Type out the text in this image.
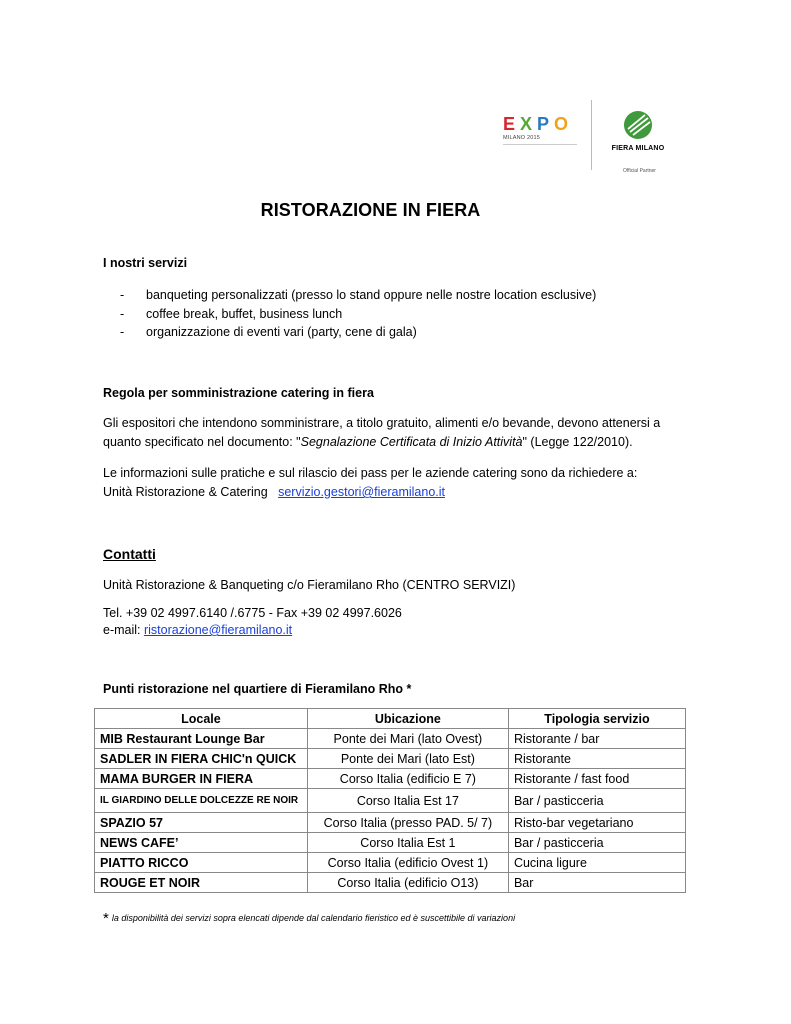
E X P O
MILANO 2015
FIERA MILANO
Official Partner
RISTORAZIONE IN FIERA
I nostri servizi
- banqueting personalizzati (presso lo stand oppure nelle nostre location esclusive)
- coffee break, buffet, business lunch
- organizzazione di eventi vari (party, cene di gala)
Regola per somministrazione catering in fiera
Gli espositori che intendono somministrare, a titolo gratuito, alimenti e/o bevande, devono attenersi a
quanto specificato nel documento: "Segnalazione Certificata di Inizio Attività" (Legge 122/2010).
Le informazioni sulle pratiche e sul rilascio dei pass per le aziende catering sono da richiedere a:
Unità Ristorazione & Catering servizio.gestori@fieramilano.it
Contatti
Unità Ristorazione & Banqueting c/o Fieramilano Rho (CENTRO SERVIZI)
Tel. +39 02 4997.6140 /.6775 - Fax +39 02 4997.6026
e-mail: ristorazione@fieramilano.it
Punti ristorazione nel quartiere di Fieramilano Rho *
Locale	Ubicazione	Tipologia servizio
MIB Restaurant Lounge Bar	Ponte dei Mari (lato Ovest)	Ristorante / bar
SADLER IN FIERA CHIC'n QUICK	Ponte dei Mari (lato Est)	Ristorante
MAMA BURGER IN FIERA	Corso Italia (edificio E 7)	Ristorante / fast food
IL GIARDINO DELLE DOLCEZZE RE NOIR	Corso Italia Est 17	Bar / pasticceria
SPAZIO 57	Corso Italia (presso PAD. 5/ 7)	Risto-bar vegetariano
NEWS CAFE’	Corso Italia Est 1	Bar / pasticceria
PIATTO RICCO	Corso Italia (edificio Ovest 1)	Cucina ligure
ROUGE ET NOIR	Corso Italia (edificio O13)	Bar
* la disponibilità dei servizi sopra elencati dipende dal calendario fieristico ed è suscettibile di variazioni
